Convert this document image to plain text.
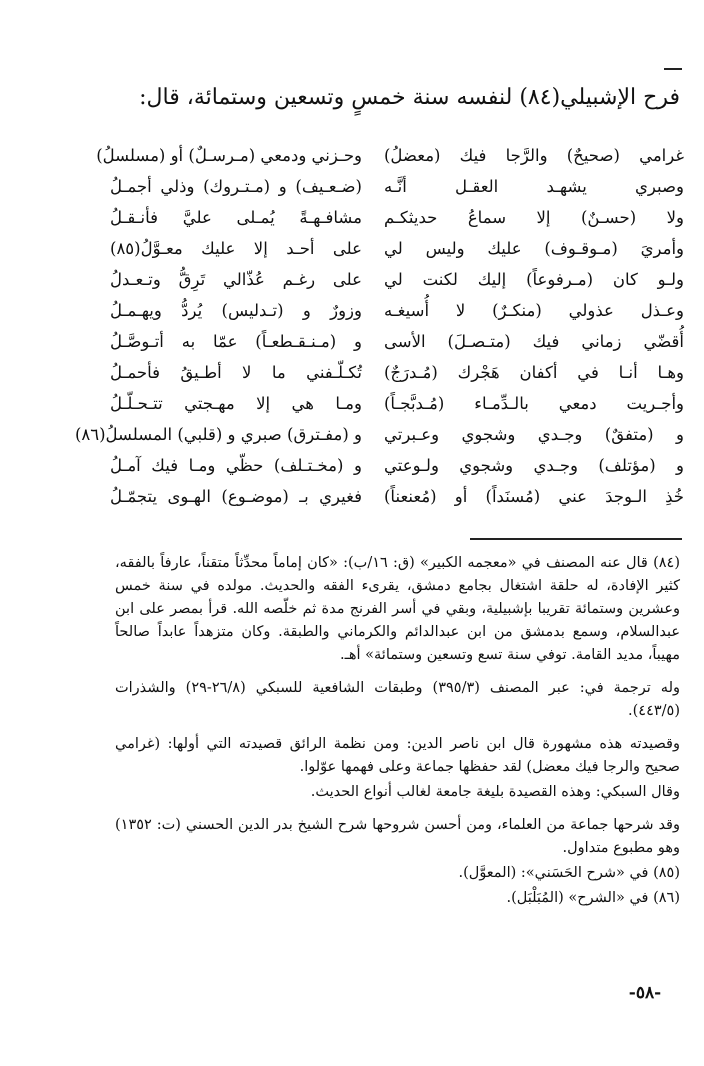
فرح الإشبيلي(٨٤) لنفسه سنة خمسٍ وتسعين وستمائة، قال:
غرامي (صحيحٌ) والرَّجا فيك (معضلُ)
وصبري يشهـد العقـل أنَّـه
ولا (حسـنٌ) إلا سماعُ حديثكـم
وأمريَ (مـوقـوف) عليك وليس لي
ولـو كان (مـرفوعاً) إليك لكنت لي
وعـذل عذولي (منكـرٌ) لا أُسيغـه
أُقضّي زماني فيك (متـصـلَ) الأسى
وهـا أنـا في أكفان هَجْرك (مُـدرَجٌ)
وأجـريت دمعي بالـدِّمـاء (مُـدبَّجـاً)
و (متفقٌ) وجـدي وشجوي وعـبرتي
و (مؤتلف) وجـدي وشجوي ولـوعتي
خُذِ الـوجدَ عني (مُسنَداً) أو (مُعنعناً)
وحـزني ودمعي (مـرسـلٌ) أو (مسلسلُ)
(ضـعـيف) و (مـتـروك) وذلي أجمـلُ
مشافـهـةً يُمـلى عليَّ فأنـقـلُ
على أحـد إلا عليك معـوَّلُ(٨٥)
على رغـم عُذّالي تَرِقُّ وتـعـدلُ
وزورٌ و (تـدليس) يُردُّ ويهـمـلُ
و (مـنـقـطعـاً) عمّا به أتـوصَّـلُ
تُكـلّـفني ما لا أطـيقُ فأحمـلُ
ومـا هي إلا مهـجتي تتـحـلّـلُ
و (مفـترق) صبري و (قلبي) المسلسلُ(٨٦)
و (مخـتـلف) حظّي ومـا فيك آمـلُ
فغيري بـ (موضـوع) الهـوى يتجمّـلُ

(٨٤) قال عنه المصنف في «معجمه الكبير» (ق: ١٦/ب): «كان إماماً محدِّثاً متقناً، عارفاً بالفقه، كثير الإفادة، له حلقة اشتغال بجامع دمشق، يقرىء الفقه والحديث. مولده في سنة خمس وعشرين وستمائة تقريبا بإشبيلية، وبقي في أسر الفرنج مدة ثم خلّصه الله. قرأ بمصر على ابن عبدالسلام، وسمع بدمشق من ابن عبدالدائم والكرماني والطبقة. وكان متزهداً عابداً صالحاً مهيباً، مديد القامة. توفي سنة تسع وتسعين وستمائة» أهـ.

وله ترجمة في: عبر المصنف (٣٩٥/٣) وطبقات الشافعية للسبكي (٢٦/٨-٢٩) والشذرات (٤٤٣/٥).

وقصيدته هذه مشهورة قال ابن ناصر الدين: ومن نظمة الرائق قصيدته التي أولها: (غرامي صحيح والرجا فيك معضل) لقد حفظها جماعة وعلى فهمها عوّلوا.

وقال السبكي: وهذه القصيدة بليغة جامعة لغالب أنواع الحديث.

وقد شرحها جماعة من العلماء، ومن أحسن شروحها شرح الشيخ بدر الدين الحسني (ت: ١٣٥٢) وهو مطبوع متداول.

(٨٥) في «شرح الحَسَني»: (المعوَّل).

(٨٦) في «الشرح» (المُبَلْبَل).

-٥٨-
